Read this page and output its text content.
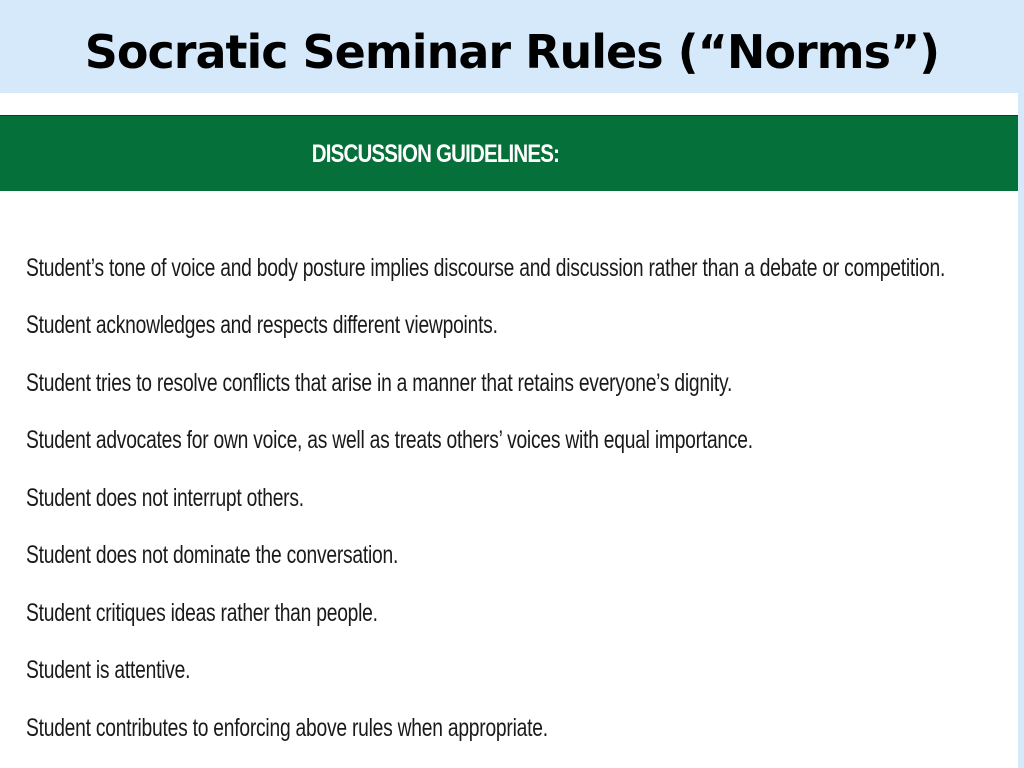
Socratic Seminar Rules (“Norms”)
DISCUSSION GUIDELINES:
Student’s tone of voice and body posture implies discourse and discussion rather than a debate or competition.
Student acknowledges and respects different viewpoints.
Student tries to resolve conflicts that arise in a manner that retains everyone’s dignity.
Student advocates for own voice, as well as treats others’ voices with equal importance.
Student does not interrupt others.
Student does not dominate the conversation.
Student critiques ideas rather than people.
Student is attentive.
Student contributes to enforcing above rules when appropriate.
